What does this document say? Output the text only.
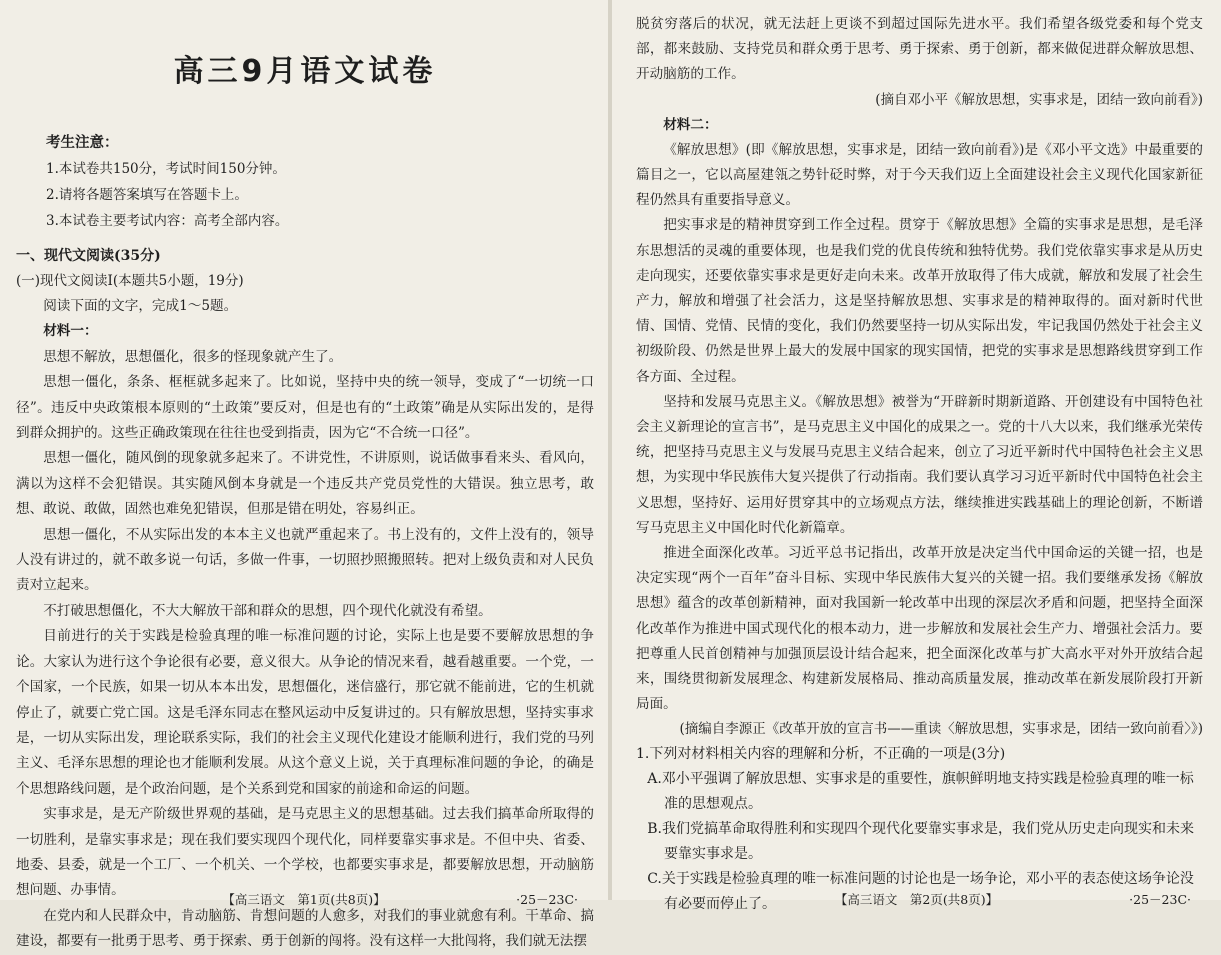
高三9月语文试卷
考生注意：
1.本试卷共150分，考试时间150分钟。
2.请将各题答案填写在答题卡上。
3.本试卷主要考试内容：高考全部内容。
一、现代文阅读(35分)
(一)现代文阅读Ⅰ(本题共5小题，19分)

阅读下面的文字，完成1～5题。

材料一：

思想不解放，思想僵化，很多的怪现象就产生了。

思想一僵化，条条、框框就多起来了。比如说，坚持中央的统一领导，变成了“一切统一口径”。违反中央政策根本原则的“土政策”要反对，但是也有的“土政策”确是从实际出发的，是得到群众拥护的。这些正确政策现在往往也受到指责，因为它“不合统一口径”。

思想一僵化，随风倒的现象就多起来了。不讲党性，不讲原则，说话做事看来头、看风向，满以为这样不会犯错误。其实随风倒本身就是一个违反共产党员党性的大错误。独立思考，敢想、敢说、敢做，固然也难免犯错误，但那是错在明处，容易纠正。

思想一僵化，不从实际出发的本本主义也就严重起来了。书上没有的，文件上没有的，领导人没有讲过的，就不敢多说一句话，多做一件事，一切照抄照搬照转。把对上级负责和对人民负责对立起来。

不打破思想僵化，不大大解放干部和群众的思想，四个现代化就没有希望。

目前进行的关于实践是检验真理的唯一标准问题的讨论，实际上也是要不要解放思想的争论。大家认为进行这个争论很有必要，意义很大。从争论的情况来看，越看越重要。一个党，一个国家，一个民族，如果一切从本本出发，思想僵化，迷信盛行，那它就不能前进，它的生机就停止了，就要亡党亡国。这是毛泽东同志在整风运动中反复讲过的。只有解放思想，坚持实事求是，一切从实际出发，理论联系实际，我们的社会主义现代化建设才能顺利进行，我们党的马列主义、毛泽东思想的理论也才能顺利发展。从这个意义上说，关于真理标准问题的争论，的确是个思想路线问题，是个政治问题，是个关系到党和国家的前途和命运的问题。

实事求是，是无产阶级世界观的基础，是马克思主义的思想基础。过去我们搞革命所取得的一切胜利，是靠实事求是；现在我们要实现四个现代化，同样要靠实事求是。不但中央、省委、地委、县委，就是一个工厂、一个机关、一个学校，也都要实事求是，都要解放思想，开动脑筋想问题、办事情。

在党内和人民群众中，肯动脑筋、肯想问题的人愈多，对我们的事业就愈有利。干革命、搞建设，都要有一批勇于思考、勇于探索、勇于创新的闯将。没有这样一大批闯将，我们就无法摆

【高三语文　第1页(共8页)】	·25－23C·

脱贫穷落后的状况，就无法赶上更谈不到超过国际先进水平。我们希望各级党委和每个党支部，都来鼓励、支持党员和群众勇于思考、勇于探索、勇于创新，都来做促进群众解放思想、开动脑筋的工作。

(摘自邓小平《解放思想，实事求是，团结一致向前看》)

材料二：

《解放思想》(即《解放思想，实事求是，团结一致向前看》)是《邓小平文选》中最重要的篇目之一，它以高屋建瓴之势针砭时弊，对于今天我们迈上全面建设社会主义现代化国家新征程仍然具有重要指导意义。

把实事求是的精神贯穿到工作全过程。贯穿于《解放思想》全篇的实事求是思想，是毛泽东思想活的灵魂的重要体现，也是我们党的优良传统和独特优势。我们党依靠实事求是从历史走向现实，还要依靠实事求是更好走向未来。改革开放取得了伟大成就，解放和发展了社会生产力，解放和增强了社会活力，这是坚持解放思想、实事求是的精神取得的。面对新时代世情、国情、党情、民情的变化，我们仍然要坚持一切从实际出发，牢记我国仍然处于社会主义初级阶段、仍然是世界上最大的发展中国家的现实国情，把党的实事求是思想路线贯穿到工作各方面、全过程。

坚持和发展马克思主义。《解放思想》被誉为“开辟新时期新道路、开创建设有中国特色社会主义新理论的宣言书”，是马克思主义中国化的成果之一。党的十八大以来，我们继承光荣传统，把坚持马克思主义与发展马克思主义结合起来，创立了习近平新时代中国特色社会主义思想，为实现中华民族伟大复兴提供了行动指南。我们要认真学习习近平新时代中国特色社会主义思想，坚持好、运用好贯穿其中的立场观点方法，继续推进实践基础上的理论创新，不断谱写马克思主义中国化时代化新篇章。

推进全面深化改革。习近平总书记指出，改革开放是决定当代中国命运的关键一招，也是决定实现“两个一百年”奋斗目标、实现中华民族伟大复兴的关键一招。我们要继承发扬《解放思想》蕴含的改革创新精神，面对我国新一轮改革中出现的深层次矛盾和问题，把坚持全面深化改革作为推进中国式现代化的根本动力，进一步解放和发展社会生产力、增强社会活力。要把尊重人民首创精神与加强顶层设计结合起来，把全面深化改革与扩大高水平对外开放结合起来，围绕贯彻新发展理念、构建新发展格局、推动高质量发展，推动改革在新发展阶段打开新局面。

(摘编自李源正《改革开放的宣言书——重读〈解放思想，实事求是，团结一致向前看〉》)

1.下列对材料相关内容的理解和分析，不正确的一项是(3分)

A.邓小平强调了解放思想、实事求是的重要性，旗帜鲜明地支持实践是检验真理的唯一标准的思想观点。

B.我们党搞革命取得胜利和实现四个现代化要靠实事求是，我们党从历史走向现实和未来要靠实事求是。

C.关于实践是检验真理的唯一标准问题的讨论也是一场争论，邓小平的表态使这场争论没有必要而停止了。	【高三语文　第2页(共8页)】	·25－23C·
